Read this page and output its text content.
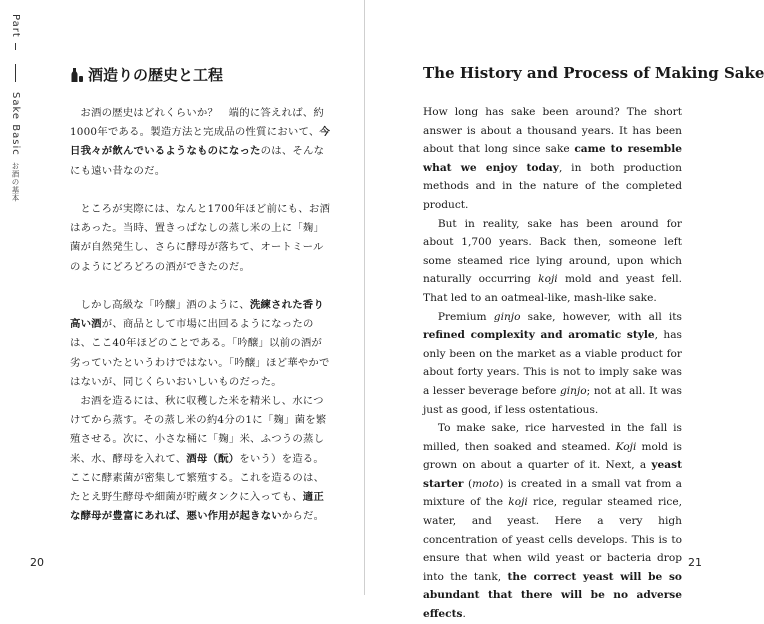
Part Ⅰ
Sake Basic
お酒の基本
酒造りの歴史と工程

お酒の歴史はどれくらいか？　端的に答えれば、約1000年である。製造方法と完成品の性質において、今日我々が飲んでいるようなものになったのは、そんなにも遠い昔なのだ。

ところが実際には、なんと1700年ほど前にも、お酒はあった。当時、置きっぱなしの蒸し米の上に「麹」菌が自然発生し、さらに酵母が落ちて、オートミールのようにどろどろの酒ができたのだ。

しかし高級な「吟醸」酒のように、洗練された香り高い酒が、商品として市場に出回るようになったのは、ここ40年ほどのことである。「吟醸」以前の酒が劣っていたというわけではない。「吟醸」ほど華やかではないが、同じくらいおいしいものだった。

お酒を造るには、秋に収穫した米を精米し、水につけてから蒸す。その蒸し米の約4分の1に「麹」菌を繁殖させる。次に、小さな桶に「麹」米、ふつうの蒸し米、水、酵母を入れて、酒母（酛）をいう）を造る。ここに酵素菌が密集して繁殖する。これを造るのは、たとえ野生酵母や細菌が貯蔵タンクに入っても、適正な酵母が豊富にあれば、悪い作用が起きないからだ。

20
The History and Process of Making Sake

How long has sake been around? The short answer is about a thousand years. It has been about that long since sake came to resemble what we enjoy today, in both production methods and in the nature of the completed product.

But in reality, sake has been around for about 1,700 years. Back then, someone left some steamed rice lying around, upon which naturally occurring koji mold and yeast fell. That led to an oatmeal-like, mash-like sake.

Premium ginjo sake, however, with all its refined complexity and aromatic style, has only been on the market as a viable product for about forty years. This is not to imply sake was a lesser beverage before ginjo; not at all. It was just as good, if less ostentatious.

To make sake, rice harvested in the fall is milled, then soaked and steamed. Koji mold is grown on about a quarter of it. Next, a yeast starter (moto) is created in a small vat from a mixture of the koji rice, regular steamed rice, water, and yeast. Here a very high concentration of yeast cells develops. This is to ensure that when wild yeast or bacteria drop into the tank, the correct yeast will be so abundant that there will be no adverse effects.

21
